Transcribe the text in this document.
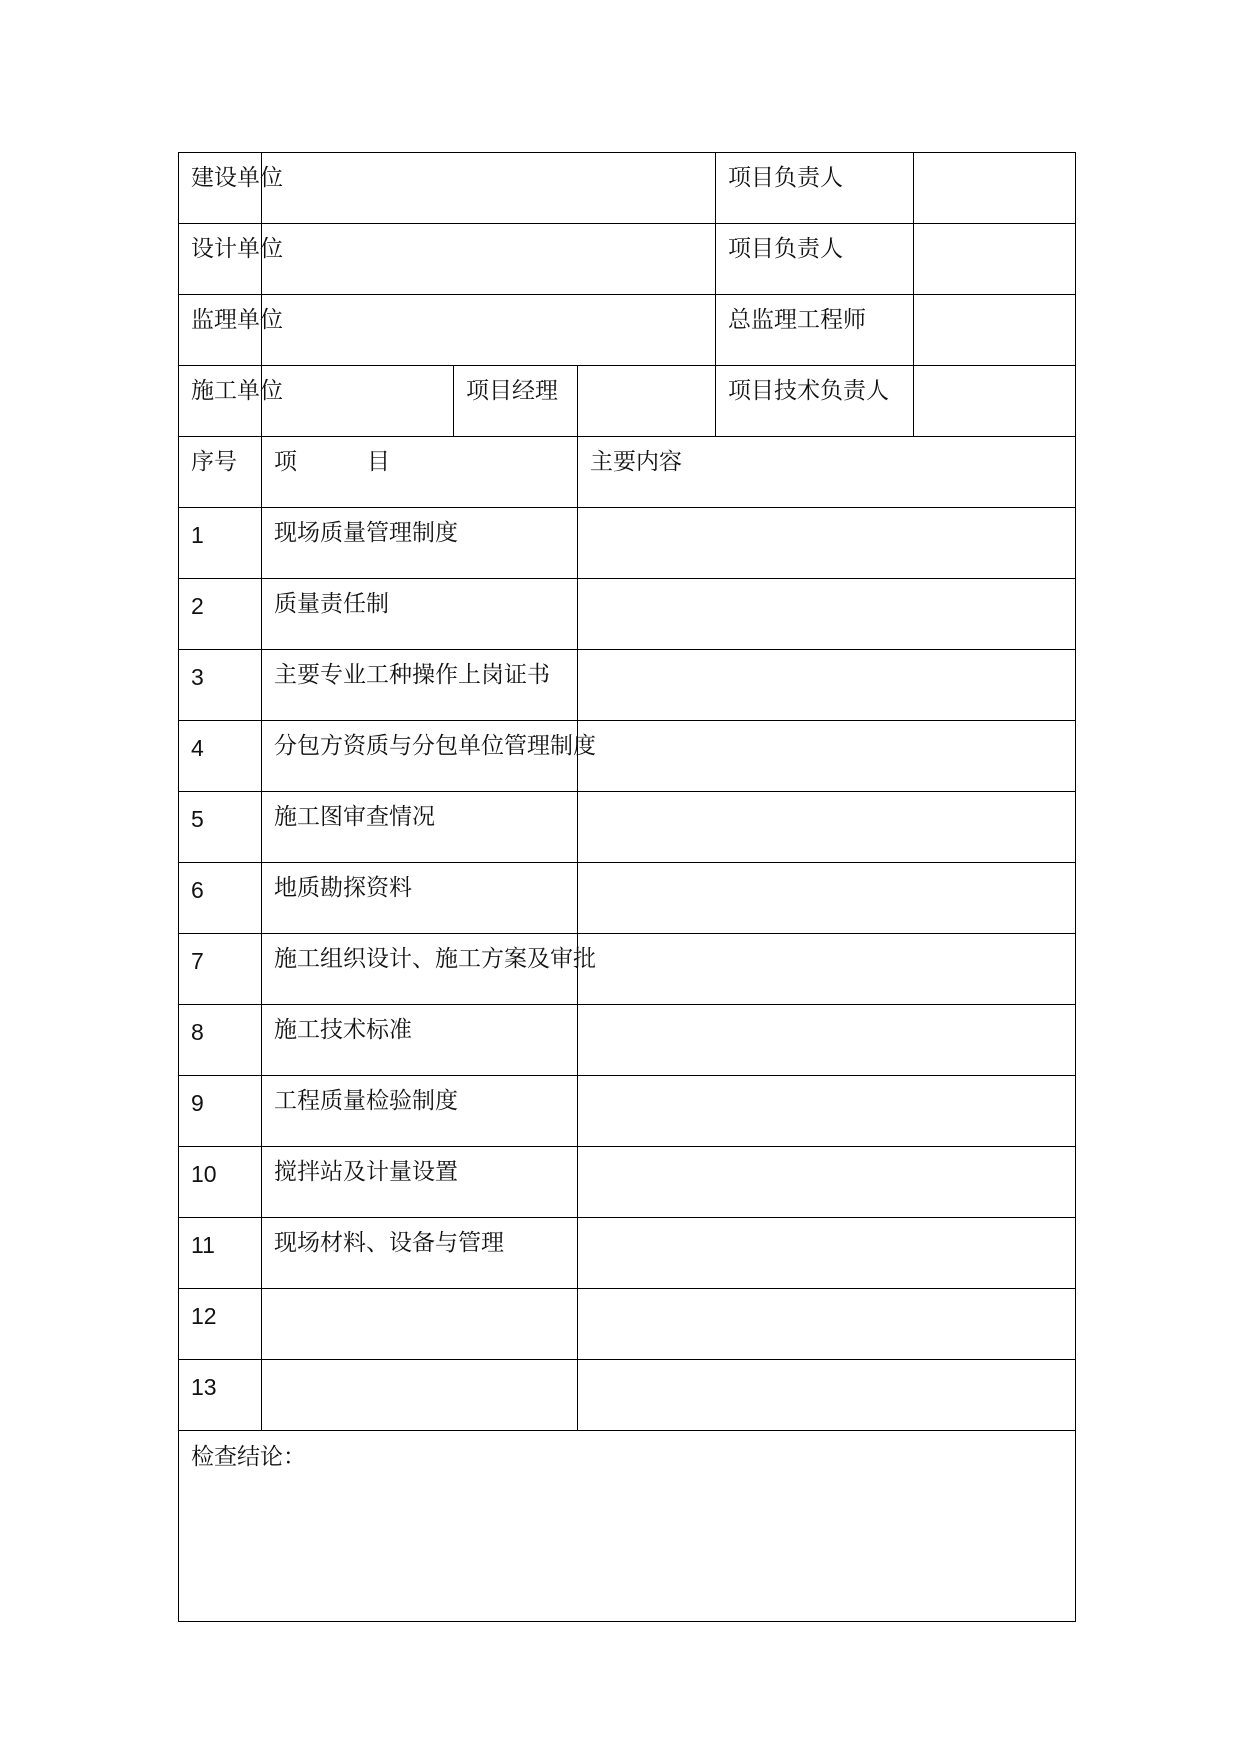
建设单位				项目负责人	
设计单位				项目负责人	
监理单位				总监理工程师	
施工单位		项目经理		项目技术负责人	
序号	项 目		主要内容		
1	现场质量管理制度				
2	质量责任制				
3	主要专业工种操作上岗证书				
4	分包方资质与分包单位管理制度				
5	施工图审查情况				
6	地质勘探资料				
7	施工组织设计、施工方案及审批				
8	施工技术标准				
9	工程质量检验制度				
10	搅拌站及计量设置				
11	现场材料、设备与管理				
12					
13					
检查结论：					
